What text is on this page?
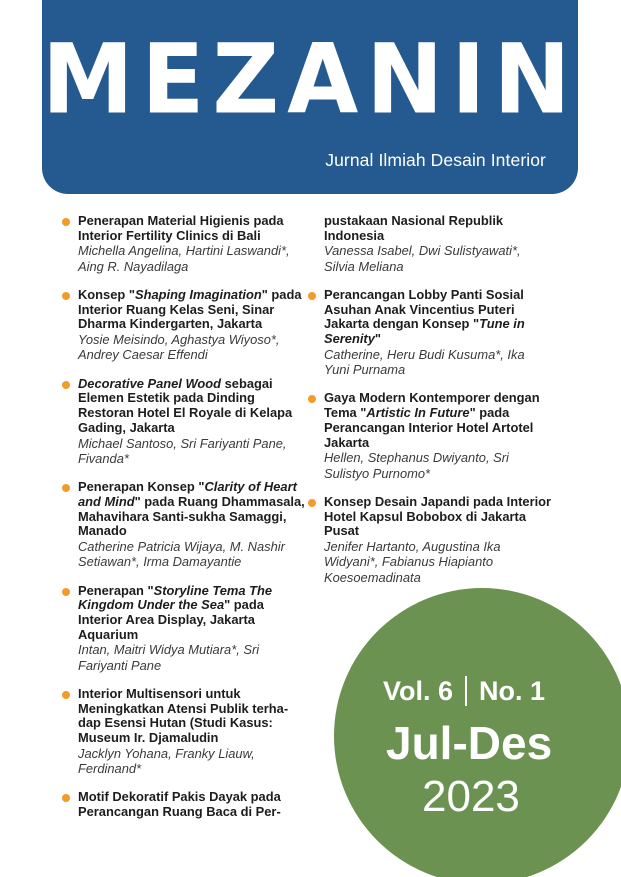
MEZANIN
Jurnal Ilmiah Desain Interior
Penerapan Material Higienis pada Interior Fertility Clinics di Bali
Michella Angelina, Hartini Laswandi*, Aing R. Nayadilaga
Konsep "Shaping Imagination" pada Interior Ruang Kelas Seni, Sinar Dharma Kindergarten, Jakarta
Yosie Meisindo, Aghastya Wiyoso*, Andrey Caesar Effendi
Decorative Panel Wood sebagai Elemen Estetik pada Dinding Restoran Hotel El Royale di Kelapa Gading, Jakarta
Michael Santoso, Sri Fariyanti Pane, Fivanda*
Penerapan Konsep "Clarity of Heart and Mind" pada Ruang Dhammasala, Mahavihara Santi-sukha Samaggi, Manado
Catherine Patricia Wijaya, M. Nashir Setiawan*, Irma Damayantie
Penerapan "Storyline Tema The Kingdom Under the Sea" pada Interior Area Display, Jakarta Aquarium
Intan, Maitri Widya Mutiara*, Sri Fariyanti Pane
Interior Multisensori untuk Meningkatkan Atensi Publik terha-dap Esensi Hutan (Studi Kasus: Museum Ir. Djamaludin
Jacklyn Yohana, Franky Liauw, Ferdinand*
Motif Dekoratif Pakis Dayak pada Perancangan Ruang Baca di Per-
pustakaan Nasional Republik Indonesia
Vanessa Isabel, Dwi Sulistyawati*, Silvia Meliana
Perancangan Lobby Panti Sosial Asuhan Anak Vincentius Puteri Jakarta dengan Konsep "Tune in Serenity"
Catherine, Heru Budi Kusuma*, Ika Yuni Purnama
Gaya Modern Kontemporer dengan Tema "Artistic In Future" pada Perancangan Interior Hotel Artotel Jakarta
Hellen, Stephanus Dwiyanto, Sri Sulistyo Purnomo*
Konsep Desain Japandi pada Interior Hotel Kapsul Bobobox di Jakarta Pusat
Jenifer Hartanto, Augustina Ika Widyani*, Fabianus Hiapianto Koesoemadinata
Vol. 6 No. 1
Jul-Des
2023
